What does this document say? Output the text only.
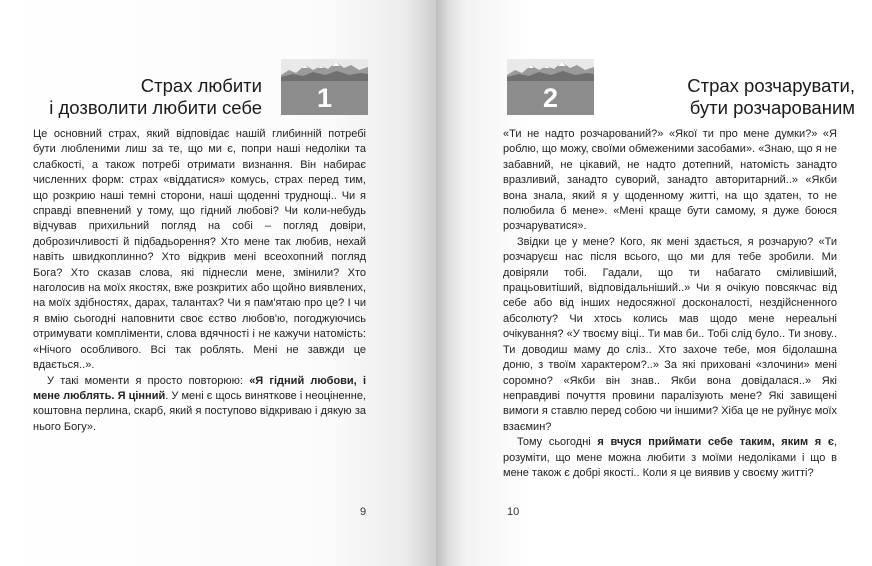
Страх любити
і дозволити любити себе	1

Це основний страх, який відповідає нашій глибинній потребі бути любленими лиш за те, що ми є, попри наші недоліки та слабкості, а також потребі отримати визнання. Він набирає численних форм: страх «віддатися» комусь, страх перед тим, що розкрию наші темні сторони, наші щоденні труднощі.. Чи я справді впевнений у тому, що гідний любові? Чи коли-небудь відчував прихильний погляд на собі – погляд довіри, доброзичливості й підбадьорення? Хто мене так любив, нехай навіть швидкоплинно? Хто відкрив мені всеохопний погляд Бога? Хто сказав слова, які піднесли мене, змінили? Хто наголосив на моїх якостях, вже розкритих або щойно виявлених, на моїх здібностях, дарах, талантах? Чи я пам'ятаю про це? І чи я вмію сьогодні наповнити своє єство любов'ю, погоджуючись отримувати компліменти, слова вдячності і не кажучи натомість: «Нічого особливого. Всі так роблять. Мені не завжди це вдається..».

У такі моменти я просто повторюю: «Я гідний любови, і мене люблять. Я цінний. У мені є щось виняткове і неоціненне, коштовна перлина, скарб, який я поступово відкриваю і дякую за нього Богу».

9
2	Страх розчарувати,
бути розчарованим

«Ти не надто розчарований?» «Якої ти про мене думки?» «Я роблю, що можу, своїми обмеженими засобами». «Знаю, що я не забавний, не цікавий, не надто дотепний, натомість занадто вразливий, занадто суворий, занадто авторитарний..» «Якби вона знала, який я у щоденному житті, на що здатен, то не полюбила б мене». «Мені краще бути самому, я дуже боюся розчаруватися».

Звідки це у мене? Кого, як мені здається, я розчарую? «Ти розчаруєш нас після всього, що ми для тебе зробили. Ми довіряли тобі. Гадали, що ти набагато сміливіший, працьовитіший, відповідальніший..» Чи я очікую повсякчас від себе або від інших недосяжної досконалості, нездійсненного абсолюту? Чи хтось колись мав щодо мене нереальні очікування? «У твоєму віці.. Ти мав би.. Тобі слід було.. Ти знову.. Ти доводиш маму до сліз.. Хто захоче тебе, моя бідолашна доню, з твоїм характером?..» За які приховані «злочини» мені соромно? «Якби він знав.. Якби вона довідалася..» Які неправдиві почуття провини паралізують мене? Які завищені вимоги я ставлю перед собою чи іншими? Хіба це не руйнує моїх взаємин?

Тому сьогодні я вчуся приймати себе таким, яким я є, розуміти, що мене можна любити з моїми недоліками і що в мене також є добрі якості.. Коли я це виявив у своєму житті?

10
